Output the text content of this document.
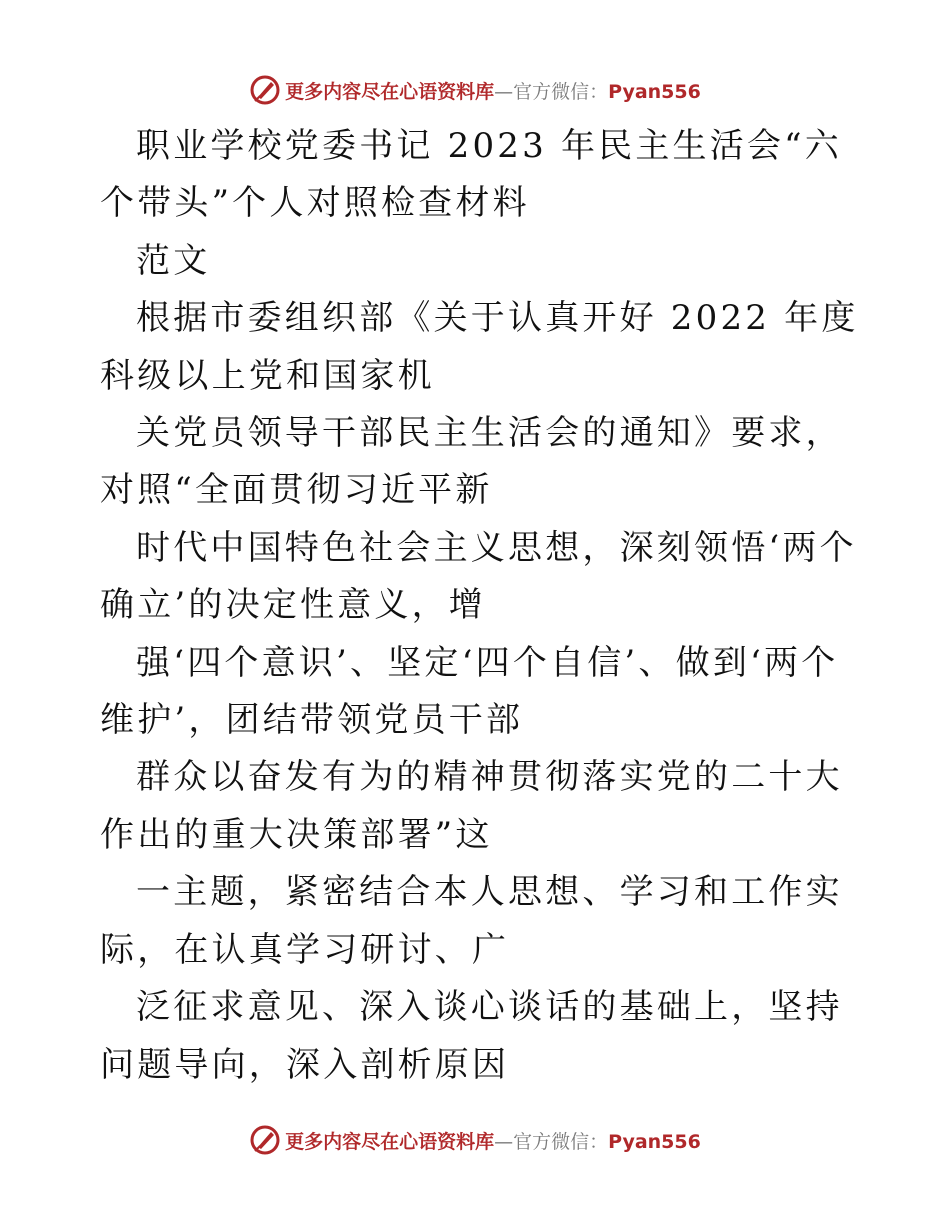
更多内容尽在心语资料库—官方微信：Pyan556

职业学校党委书记 2023 年民主生活会“六个带头”个人对照检查材料

范文

根据市委组织部《关于认真开好 2022 年度科级以上党和国家机

关党员领导干部民主生活会的通知》要求，对照“全面贯彻习近平新

时代中国特色社会主义思想，深刻领悟‘两个确立’的决定性意义，增

强‘四个意识’、坚定‘四个自信’、做到‘两个维护’，团结带领党员干部

群众以奋发有为的精神贯彻落实党的二十大作出的重大决策部署”这

一主题，紧密结合本人思想、学习和工作实际，在认真学习研讨、广

泛征求意见、深入谈心谈话的基础上，坚持问题导向，深入剖析原因

更多内容尽在心语资料库—官方微信：Pyan556
